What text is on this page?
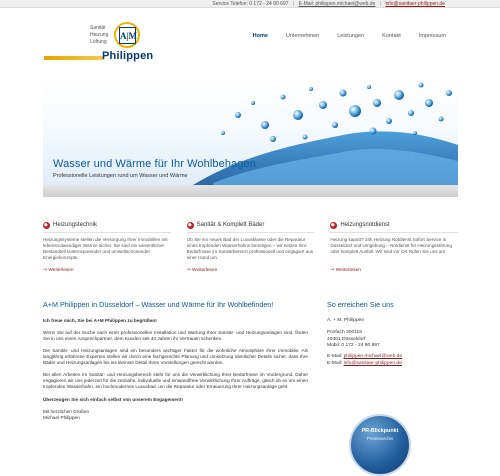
Service Telefon: 0 172 - 24 90 697 | E-Mail: philippen.michael@web.de | info@sanitaer-philippen.de
Sanitär
Heizung
Lüftung
A|M
Philippen
Home	Unternehmen	Leistungen	Kontakt	Impressum
Wasser und Wärme für Ihr Wohlbehagen
Professionelle Leistungen rund um Wasser und Wärme
Heizungstechnik
Heizungssysteme stellen die Versorgung Ihrer Immobilien mit lebensnotwendiger Wärme sicher. Sie sind ein wesentlicher Bestandteil kostensparender und umweltschonender Energiekonzepte.
⇒ Weiterlesen
Sanitär & Komplett Bäder
Ob Sie ein neues Bad der Luxusklasse oder die Reparatur eines tropfenden Wasserhahns benötigen – wir setzen Ihre Bedürfnisse im Sanitärbereich professionell und engagiert aus einer Hand um.
⇒ Weiterlesen
Heizungsnotdienst
Heizung kaputt? 24h Heizung Notdienst Sofort Service in Düsseldorf und Umgebung – Notdienst für Heizungsstörung oder komplett Ausfall. Wir sind vor Ort Rufen Sie uns an!
⇒ Weiterlesen
A+M Philippen in Düsseldorf – Wasser und Wärme für Ihr Wohlbefinden!
Ich freue mich, Sie bei A+M Philippen zu begrüßen!
Wenn Sie auf der Suche nach einer professionellen Installation und Wartung Ihrer Sanitär- und Heizungsanlagen sind, finden Sie in uns einen Ansprechpartner, dem Kunden seit 40 Jahren ihr Vertrauen schenken.
Die Sanitär- und Heizungsanlagen sind ein besonders wichtiger Faktor für die wohnliche Atmosphäre Ihrer Immobilie. Als langjährig erfahrene Experten stellen wir durch eine fachgerechte Planung und Umsetzung sämtlicher Details sicher, dass Ihre Bäder und Heizungsanlagen bis ins kleinste Detail Ihren Vorstellungen gerecht werden.
Bei allen Arbeiten im Sanitär- und Heizungsbereich steht für uns die Verwirklichung Ihrer Bedürfnisse im Vordergrund. Daher engagieren wir uns jederzeit für die zeitnahe, individuelle und einwandfreie Verwirklichung Ihrer Aufträge, gleich ob es um einen tropfenden Wasserhahn, ein hochmodernes Luxusbad, um die Reparatur oder Erneuerung Ihrer Heizungsanlage geht.
Überzeugen Sie sich einfach selbst von unserem Engagement!
Mit herzlichen Grüßen
Michael Philippen
So erreichen Sie uns
A. + M. Philippen
Posfach 300118
40401 Düsseldorf
Mobil: 0 172 - 24 90 697
E-Mail: philippen.michael@web.de
E-Mail: info@sanitaer-philippen.de
PR-Blickpunkt
Pressearchiv
